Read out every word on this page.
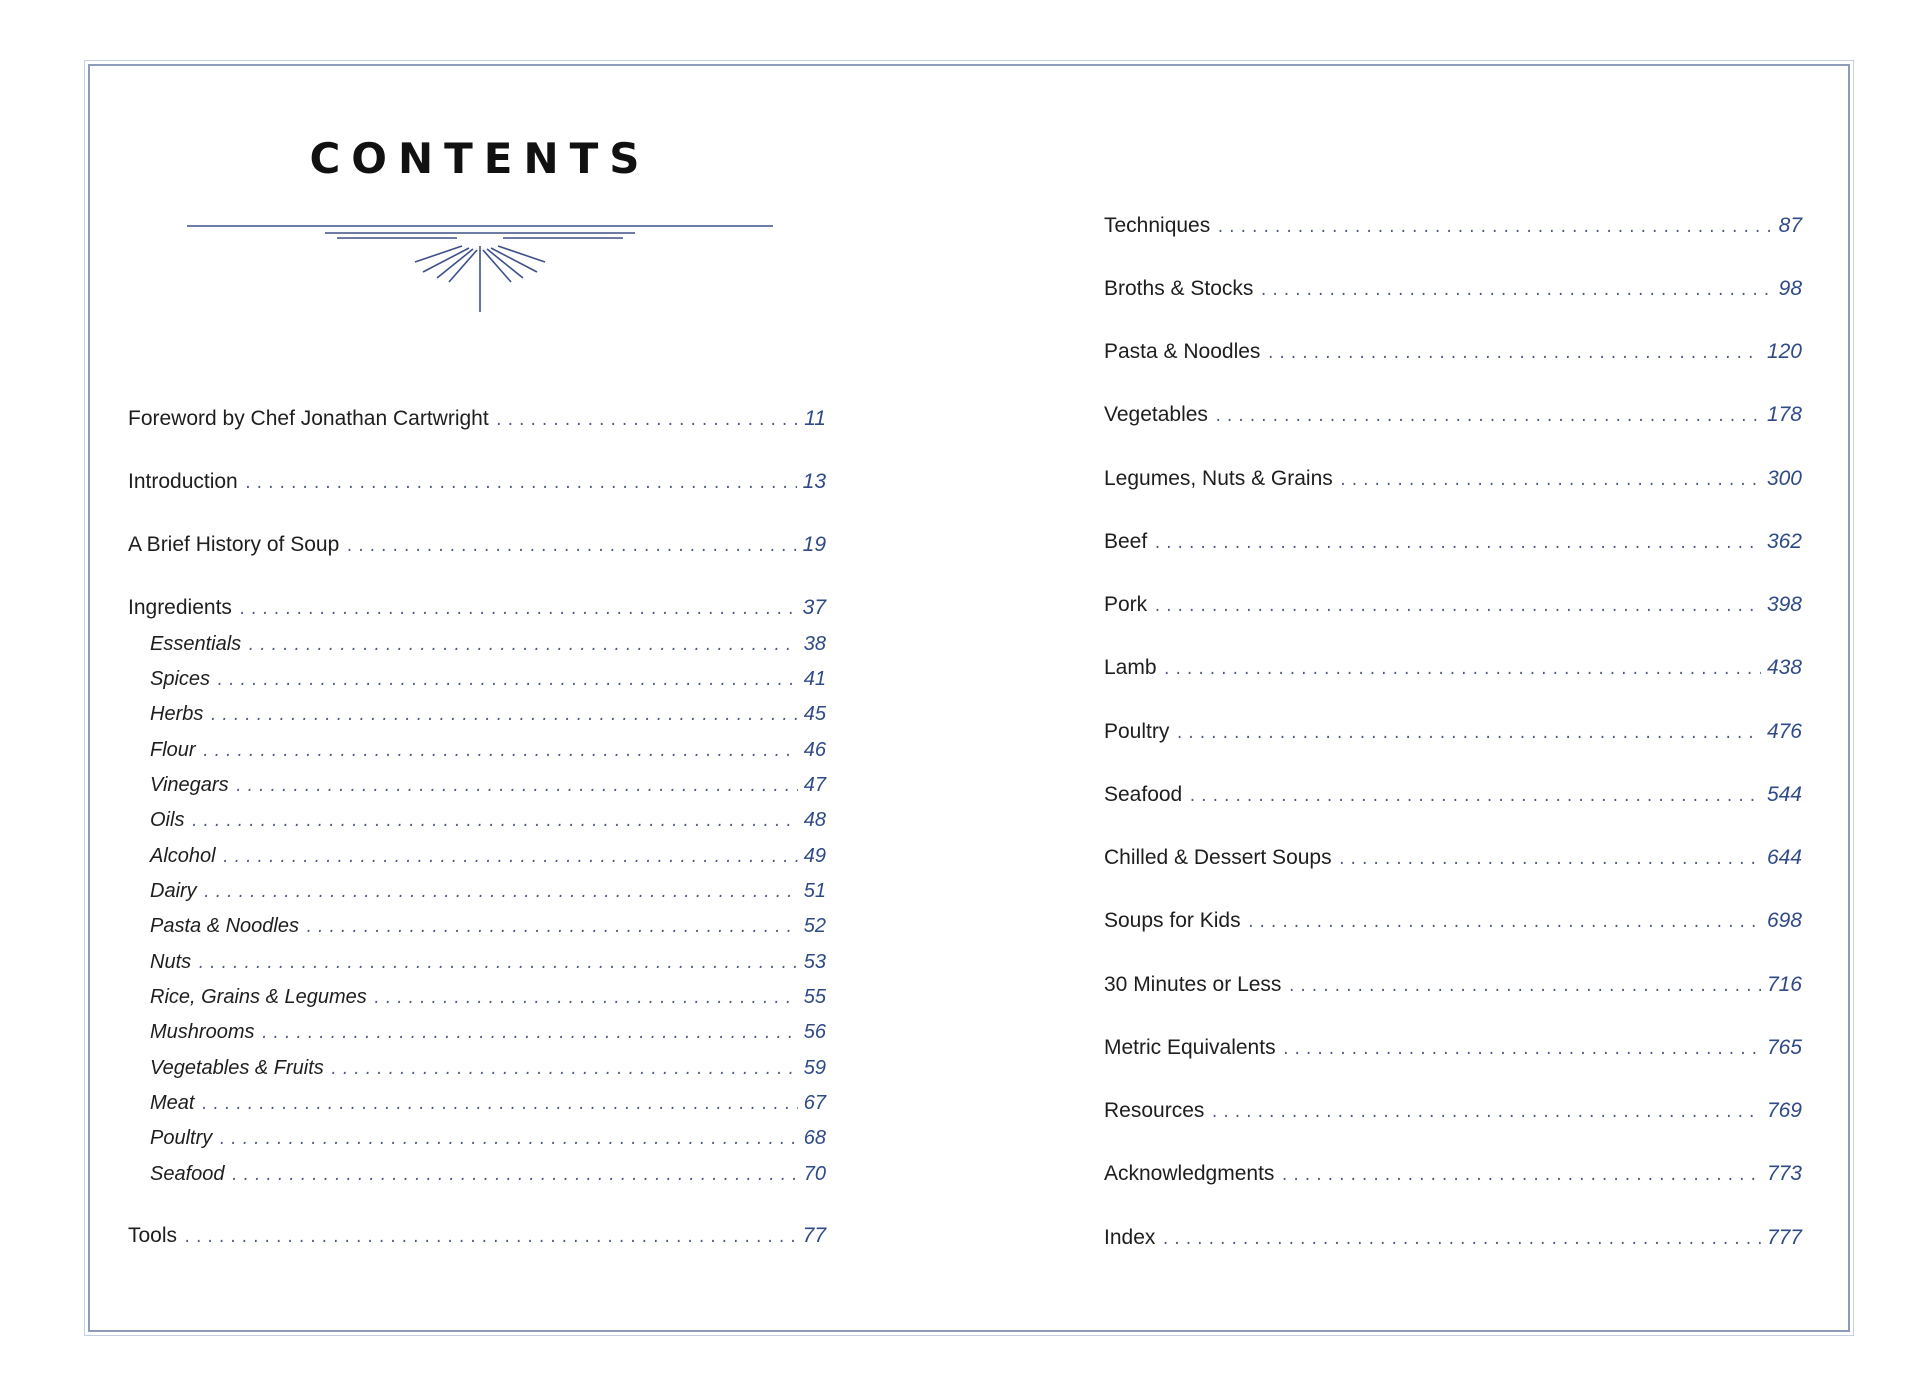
CONTENTS
Foreword by Chef Jonathan Cartwright .....	11
Introduction .....	13
A Brief History of Soup .....	19
Ingredients .....	37
Essentials .....	38
Spices .....	41
Herbs .....	45
Flour .....	46
Vinegars .....	47
Oils .....	48
Alcohol .....	49
Dairy .....	51
Pasta & Noodles .....	52
Nuts .....	53
Rice, Grains & Legumes .....	55
Mushrooms .....	56
Vegetables & Fruits .....	59
Meat .....	67
Poultry .....	68
Seafood .....	70
Tools .....	77
Techniques .....	87
Broths & Stocks .....	98
Pasta & Noodles .....	120
Vegetables .....	178
Legumes, Nuts & Grains .....	300
Beef .....	362
Pork .....	398
Lamb .....	438
Poultry .....	476
Seafood .....	544
Chilled & Dessert Soups .....	644
Soups for Kids .....	698
30 Minutes or Less .....	716
Metric Equivalents .....	765
Resources .....	769
Acknowledgments .....	773
Index .....	777
